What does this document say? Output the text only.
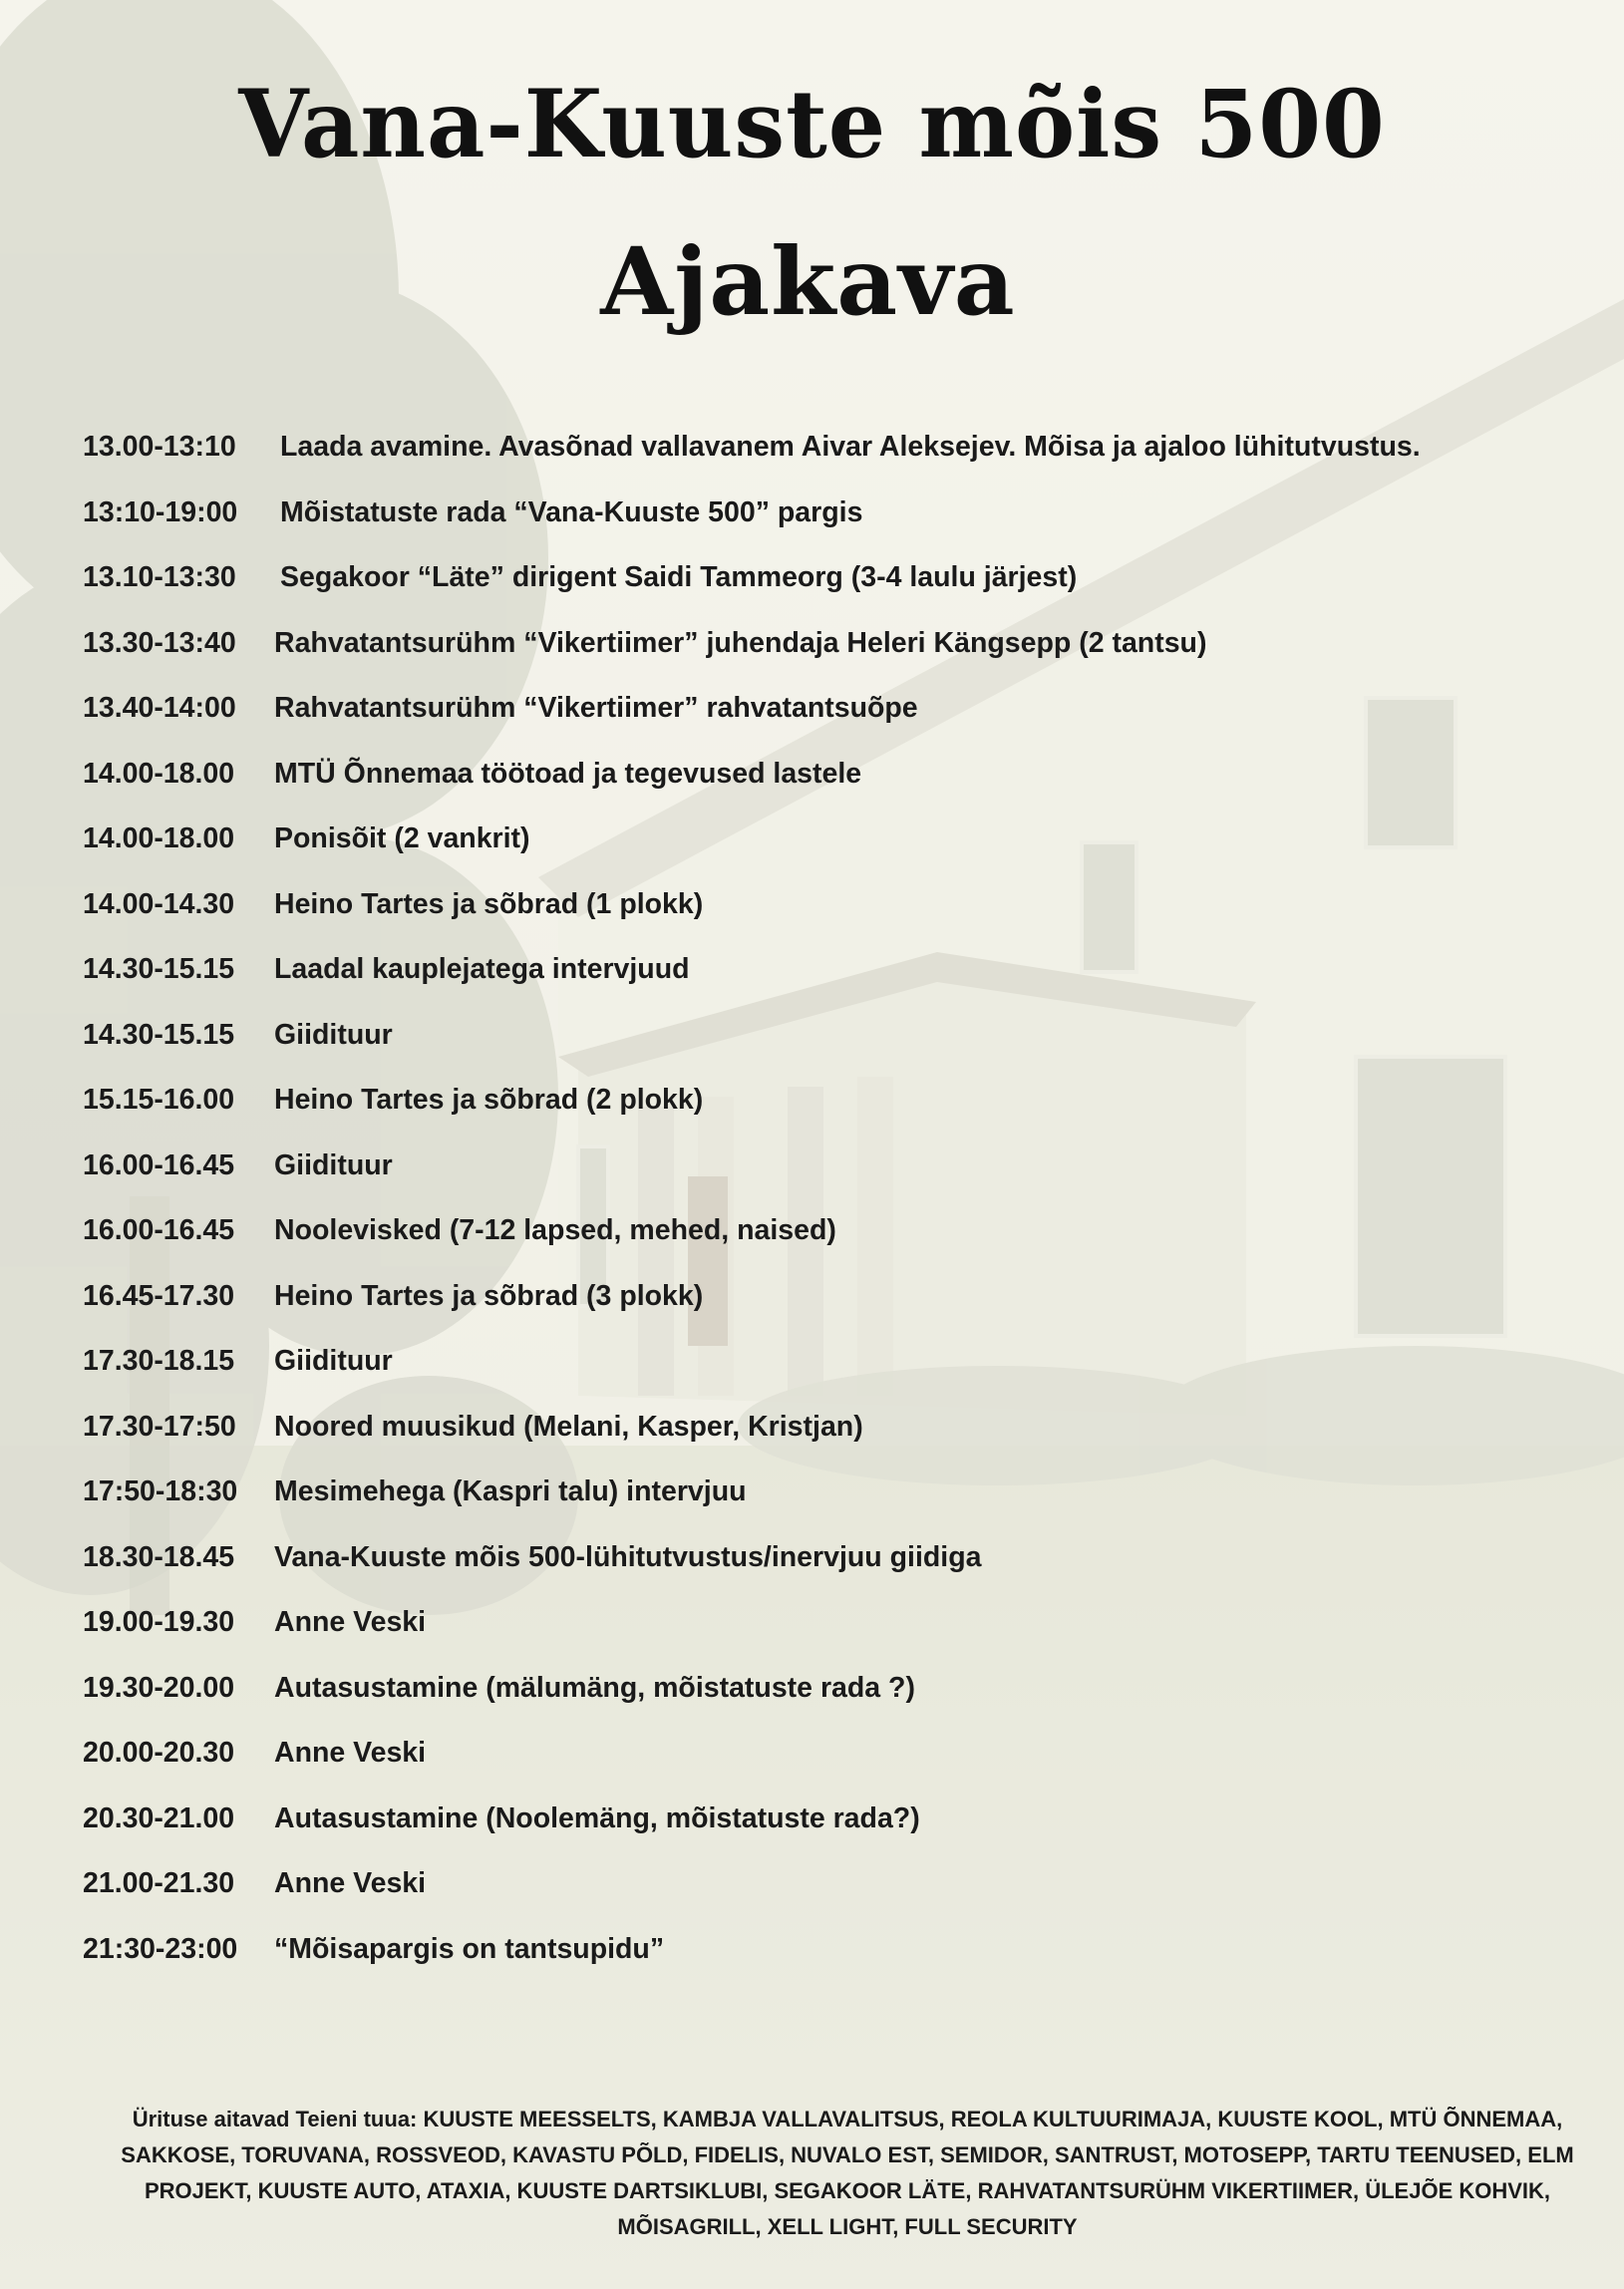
Vana-Kuuste mõis 500
Ajakava
13.00-13:10	Laada avamine. Avasõnad vallavanem Aivar Aleksejev. Mõisa ja ajaloo lühitutvustus.
13:10-19:00	Mõistatuste rada “Vana-Kuuste 500” pargis
13.10-13:30	Segakoor “Läte” dirigent Saidi Tammeorg (3-4 laulu järjest)
13.30-13:40	Rahvatantsurühm “Vikertiimer” juhendaja Heleri Kängsepp (2 tantsu)
13.40-14:00	Rahvatantsurühm “Vikertiimer” rahvatantsuõpe
14.00-18.00	MTÜ Õnnemaa töötoad ja tegevused lastele
14.00-18.00	Ponisõit (2 vankrit)
14.00-14.30	Heino Tartes ja sõbrad (1 plokk)
14.30-15.15	Laadal kauplejatega intervjuud
14.30-15.15	Giidituur
15.15-16.00	Heino Tartes ja sõbrad (2 plokk)
16.00-16.45	Giidituur
16.00-16.45	Noolevisked (7-12 lapsed, mehed, naised)
16.45-17.30	Heino Tartes ja sõbrad (3 plokk)
17.30-18.15	Giidituur
17.30-17:50	Noored muusikud (Melani, Kasper, Kristjan)
17:50-18:30	Mesimehega (Kaspri talu) intervjuu
18.30-18.45	Vana-Kuuste mõis 500-lühitutvustus/inervjuu giidiga
19.00-19.30	Anne Veski
19.30-20.00	Autasustamine (mälumäng, mõistatuste rada ?)
20.00-20.30	Anne Veski
20.30-21.00	Autasustamine (Noolemäng, mõistatuste rada?)
21.00-21.30	Anne Veski
21:30-23:00	“Mõisapargis on tantsupidu”
Ürituse aitavad Teieni tuua: KUUSTE MEESSELTS, KAMBJA VALLAVALITSUS, REOLA KULTUURIMAJA, KUUSTE KOOL, MTÜ ÕNNEMAA,
SAKKOSE, TORUVANA, ROSSVEOD, KAVASTU PÕLD, FIDELIS, NUVALO EST, SEMIDOR, SANTRUST, MOTOSEPP, TARTU TEENUSED, ELM
PROJEKT, KUUSTE AUTO, ATAXIA, KUUSTE DARTSIKLUBI, SEGAKOOR LÄTE, RAHVATANTSURÜHM VIKERTIIMER, ÜLEJÕE KOHVIK,
MÕISAGRILL, XELL LIGHT, FULL SECURITY
